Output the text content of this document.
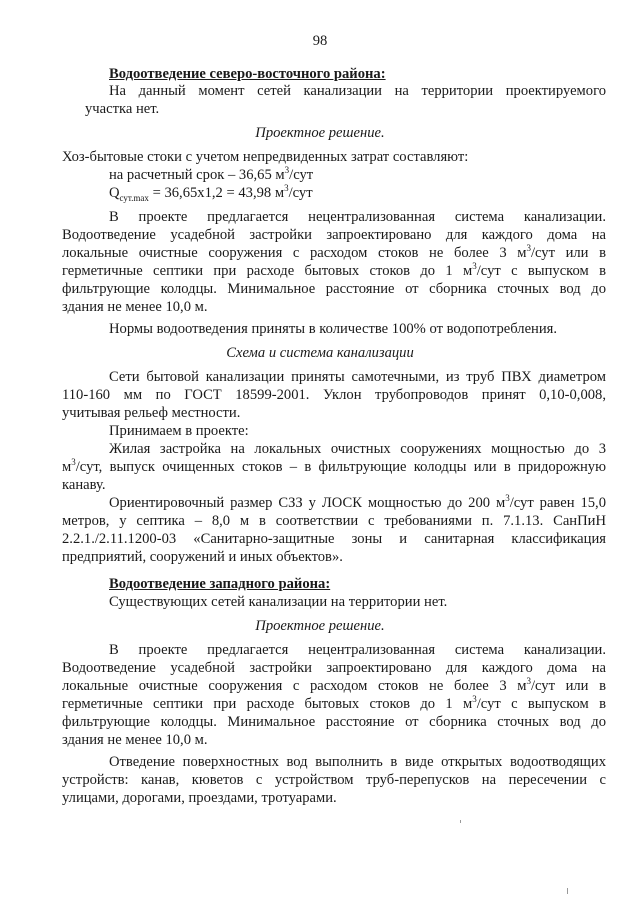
98
Водоотведение северо-восточного района:
На данный момент сетей канализации на территории проектируемого
участка нет.
Проектное решение.
Хоз-бытовые стоки с учетом непредвиденных затрат составляют:
на расчетный срок – 36,65 $м^3$/сут
$Q_{сут.max} = 36,65х1,2 = 43,98$ $м^3$/сут
В проекте предлагается нецентрализованная система канализации.
Водоотведение усадебной застройки запроектировано для каждого дома на
локальные очистные сооружения с расходом стоков не более 3 $м^3$/сут или в
герметичные септики при расходе бытовых стоков до 1 $м^3$/сут с выпуском в
фильтрующие колодцы. Минимальное расстояние от сборника сточных вод до
здания не менее 10,0 м.
Нормы водоотведения приняты в количестве 100% от водопотребления.
Схема и система канализации
Сети бытовой канализации приняты самотечными, из труб ПВХ диаметром
110-160 мм по ГОСТ 18599-2001. Уклон трубопроводов принят 0,10-0,008,
учитывая рельеф местности.
Принимаем в проекте:
Жилая застройка на локальных очистных сооружениях мощностью до 3
$м^3$/сут, выпуск очищенных стоков – в фильтрующие колодцы или в придорожную
канаву.
Ориентировочный размер СЗЗ у ЛОСК мощностью до 200 $м^3$/сут равен 15,0
метров, у септика – 8,0 м в соответствии с требованиями п. 7.1.13. СанПиН
2.2.1./2.11.1200-03 «Санитарно-защитные зоны и санитарная классификация
предприятий, сооружений и иных объектов».
Водоотведение западного района:
Существующих сетей канализации на территории нет.
Проектное решение.
В проекте предлагается нецентрализованная система канализации.
Водоотведение усадебной застройки запроектировано для каждого дома на
локальные очистные сооружения с расходом стоков не более 3 $м^3$/сут или в
герметичные септики при расходе бытовых стоков до 1 $м^3$/сут с выпуском в
фильтрующие колодцы. Минимальное расстояние от сборника сточных вод до
здания не менее 10,0 м.
Отведение поверхностных вод выполнить в виде открытых водоотводящих
устройств: канав, кюветов с устройством труб-перепусков на пересечении с
улицами, дорогами, проездами, тротуарами.
